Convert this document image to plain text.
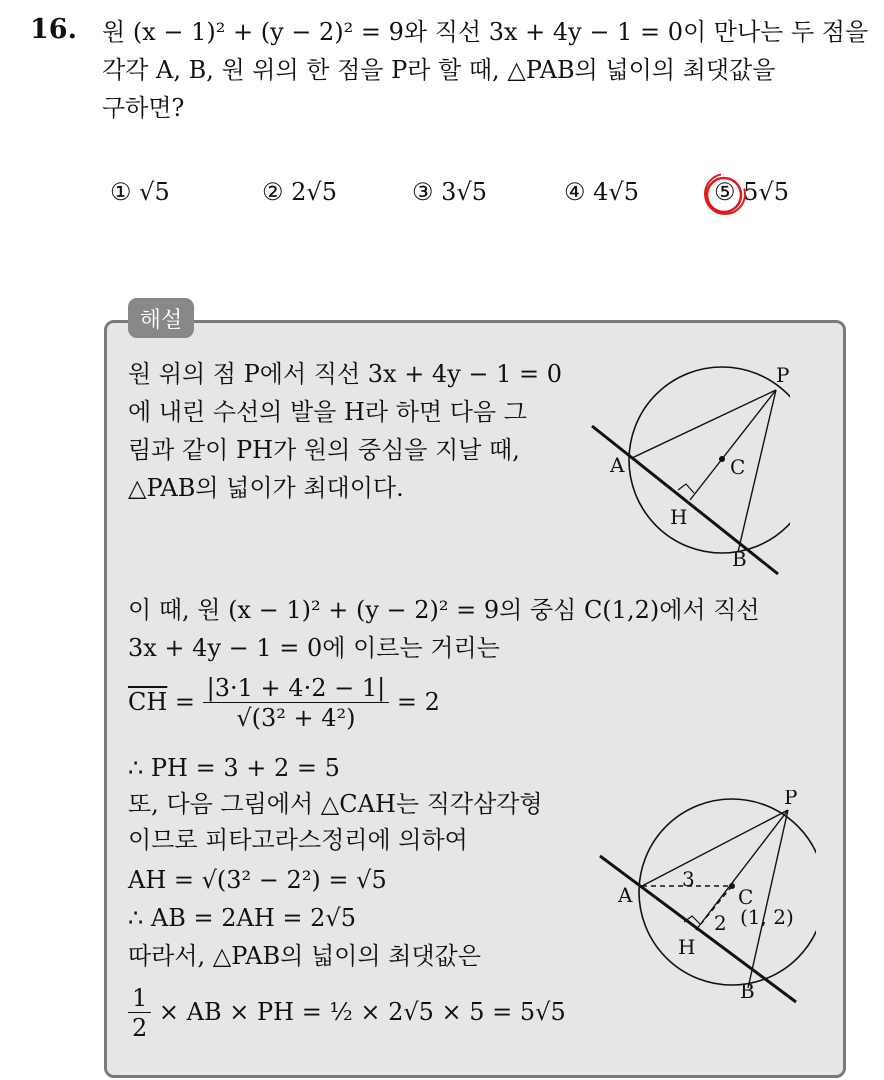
16. 원 (x − 1)² + (y − 2)² = 9와 직선 3x + 4y − 1 = 0이 만나는 두 점을
각각 A, B, 원 위의 한 점을 P라 할 때, △PAB의 넓이의 최댓값을
구하면?
① √5	② 2√5	③ 3√5	④ 4√5	⑤ 5√5
해설
원 위의 점 P에서 직선 3x + 4y − 1 = 0
에 내린 수선의 발을 H라 하면 다음 그
림과 같이 PH가 원의 중심을 지날 때,
△PAB의 넓이가 최대이다.
P
A	C
H
B
이 때, 원 (x − 1)² + (y − 2)² = 9의 중심 C(1,2)에서 직선
3x + 4y − 1 = 0에 이르는 거리는
$\overline{CH} = \frac{|3\cdot 1 + 4\cdot 2 - 1|}{\text{√(3² + 4²)}} = 2$
∴ PH = 3 + 2 = 5
또, 다음 그림에서 △CAH는 직각삼각형
이므로 피타고라스정리에 의하여
AH = √(3² − 2²) = √5
∴ AB = 2AH = 2√5
따라서, △PAB의 넓이의 최댓값은
$\frac{1}{2}$ × AB × PH = ½ × 2√5 × 5 = 5√5
P
A	C
(1, 2)
3
2
H
B
